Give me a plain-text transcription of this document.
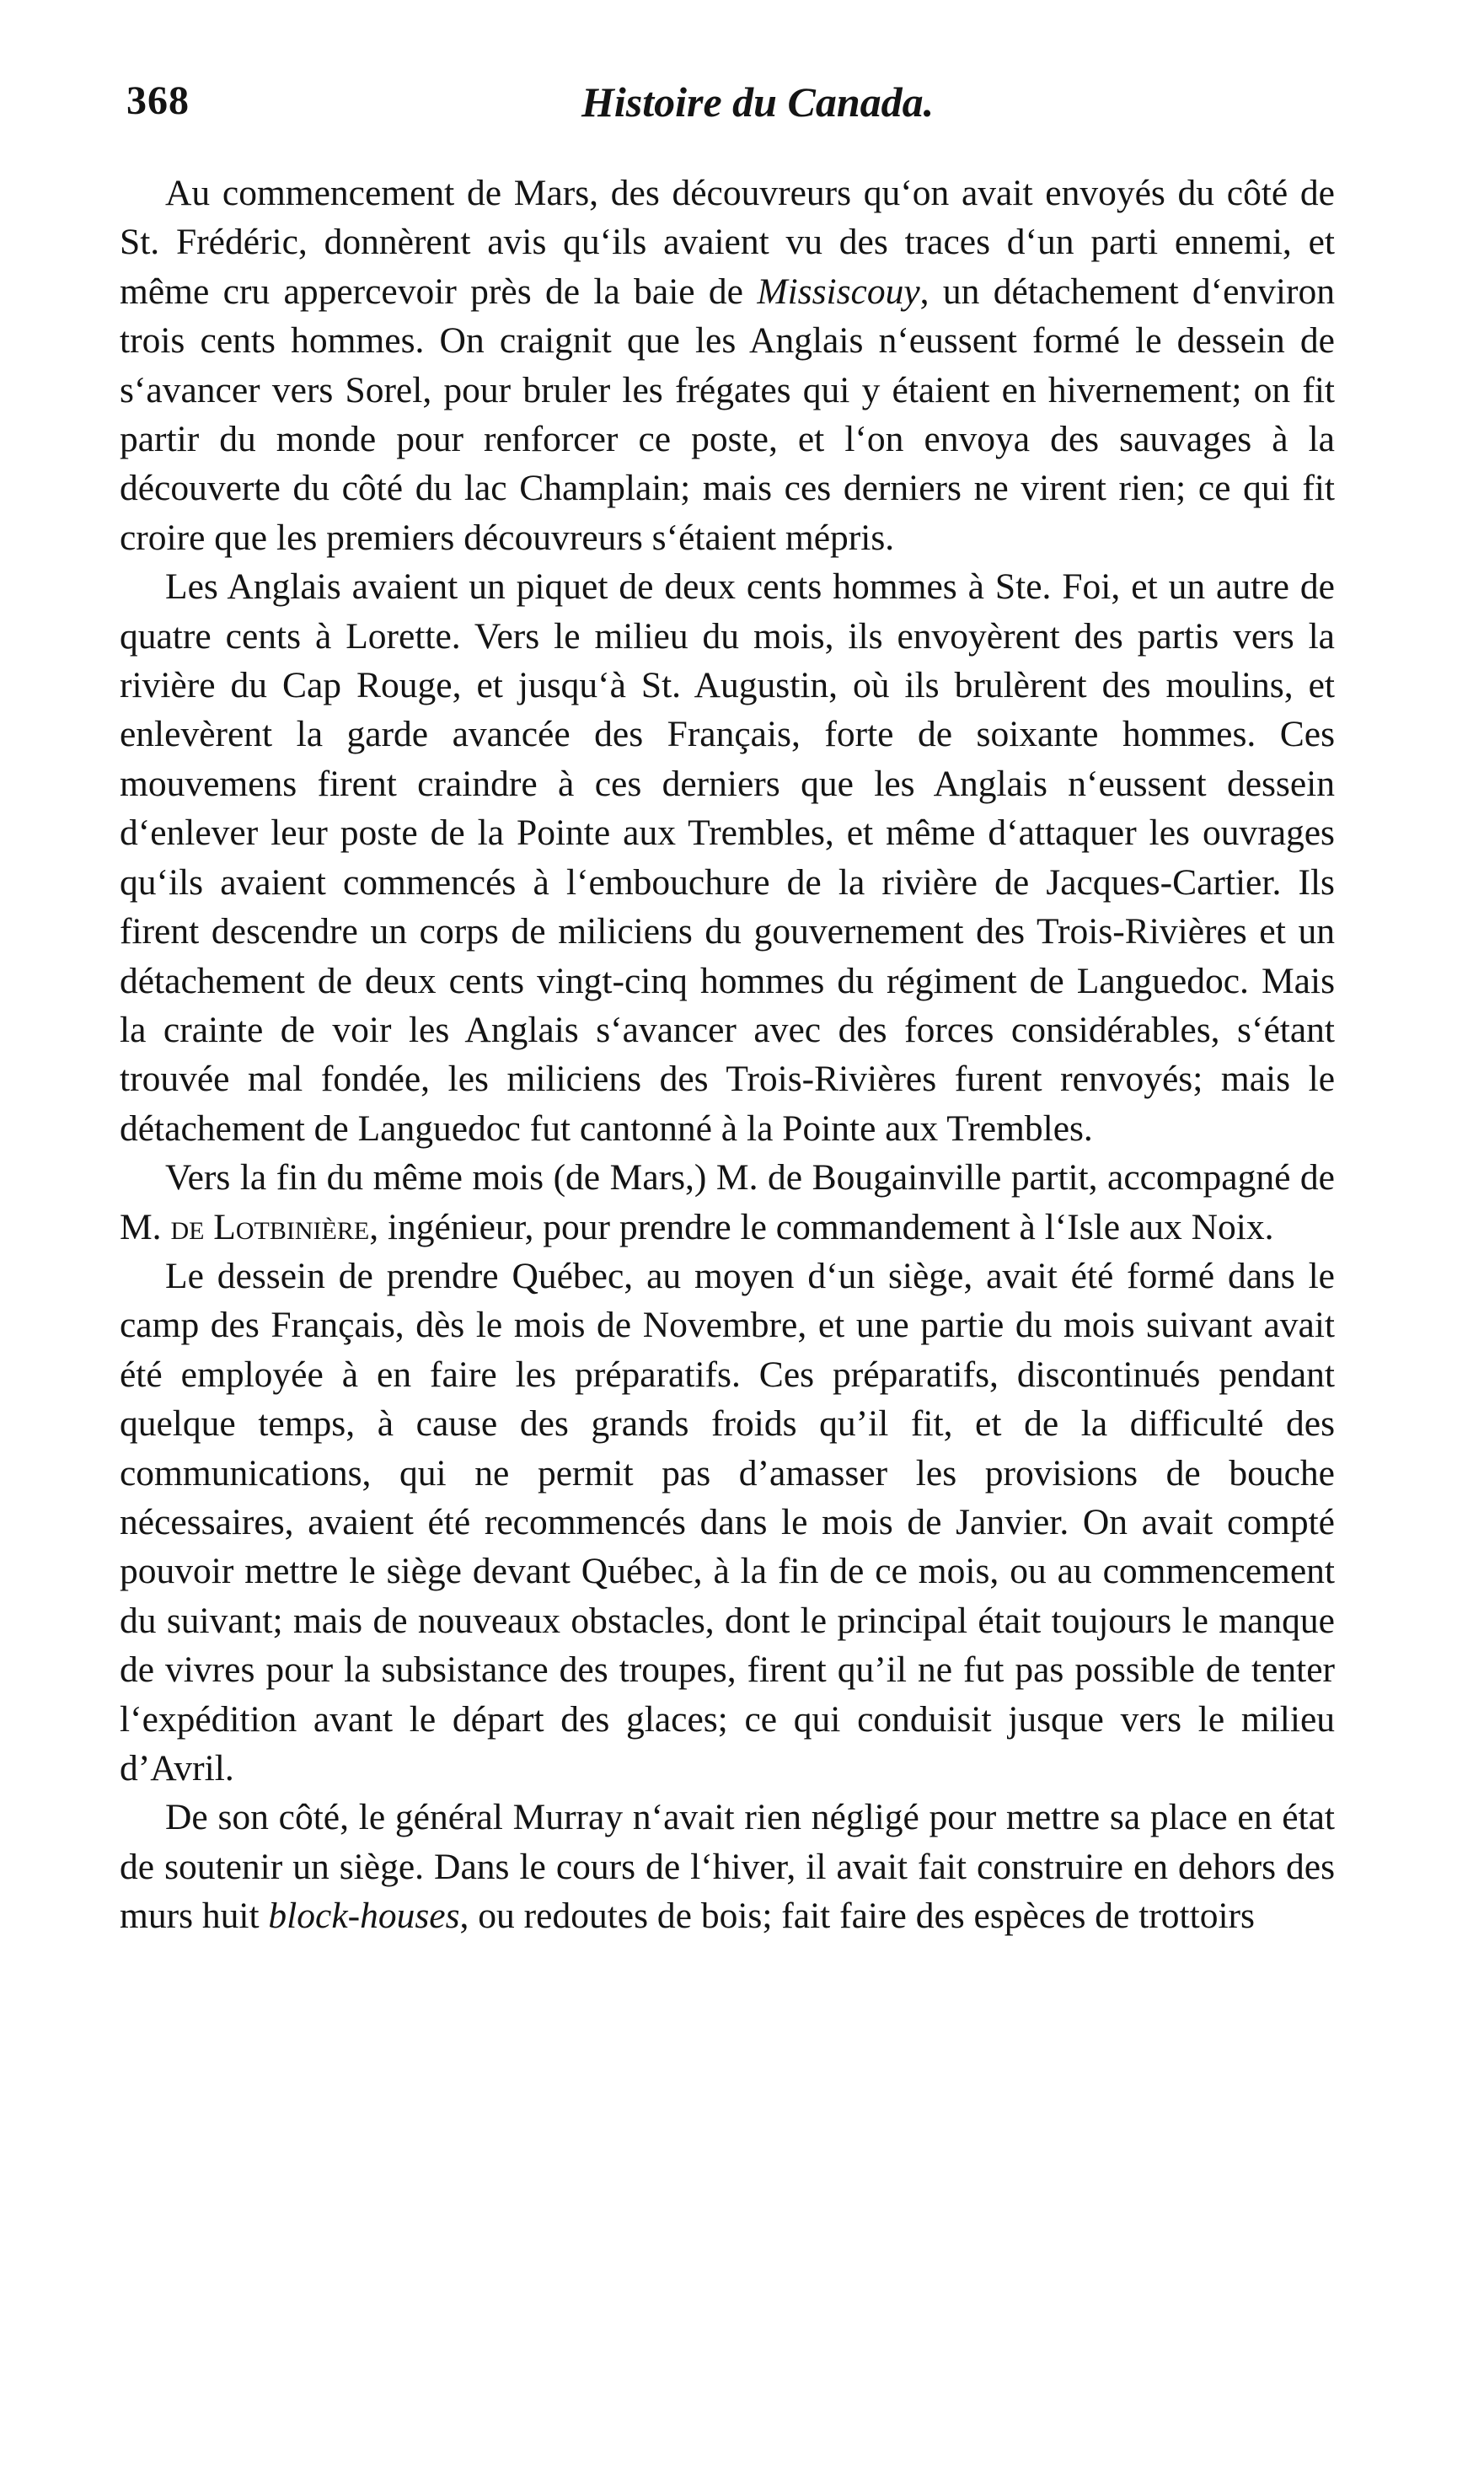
368	Histoire du Canada.

Au commencement de Mars, des découvreurs qu‘on avait envoyés du côté de St. Frédéric, donnèrent avis qu‘ils avaient vu des traces d‘un parti ennemi, et même cru appercevoir près de la baie de Missiscouy, un détachement d‘environ trois cents hommes. On craignit que les Anglais n‘eussent formé le dessein de s‘avancer vers Sorel, pour bruler les frégates qui y étaient en hivernement; on fit partir du monde pour renforcer ce poste, et l‘on envoya des sauvages à la découverte du côté du lac Champlain; mais ces derniers ne virent rien; ce qui fit croire que les premiers découvreurs s‘étaient mépris.

Les Anglais avaient un piquet de deux cents hommes à Ste. Foi, et un autre de quatre cents à Lorette. Vers le milieu du mois, ils envoyèrent des partis vers la rivière du Cap Rouge, et jusqu‘à St. Augustin, où ils brulèrent des moulins, et enlevèrent la garde avancée des Français, forte de soixante hommes. Ces mouvemens firent craindre à ces derniers que les Anglais n‘eussent dessein d‘enlever leur poste de la Pointe aux Trembles, et même d‘attaquer les ouvrages qu‘ils avaient commencés à l‘embouchure de la rivière de Jacques-Cartier. Ils firent descendre un corps de miliciens du gouvernement des Trois-Rivières et un détachement de deux cents vingt-cinq hommes du régiment de Languedoc. Mais la crainte de voir les Anglais s‘avancer avec des forces considérables, s‘étant trouvée mal fondée, les miliciens des Trois-Rivières furent renvoyés; mais le détachement de Languedoc fut cantonné à la Pointe aux Trembles.

Vers la fin du même mois (de Mars,) M. de Bougainville partit, accompagné de M. de Lotbinière, ingénieur, pour prendre le commandement à l‘Isle aux Noix.

Le dessein de prendre Québec, au moyen d‘un siège, avait été formé dans le camp des Français, dès le mois de Novembre, et une partie du mois suivant avait été employée à en faire les préparatifs. Ces préparatifs, discontinués pendant quelque temps, à cause des grands froids qu’il fit, et de la difficulté des communications, qui ne permit pas d’amasser les provisions de bouche nécessaires, avaient été recommencés dans le mois de Janvier. On avait compté pouvoir mettre le siège devant Québec, à la fin de ce mois, ou au commencement du suivant; mais de nouveaux obstacles, dont le principal était toujours le manque de vivres pour la subsistance des troupes, firent qu’il ne fut pas possible de tenter l‘expédition avant le départ des glaces; ce qui conduisit jusque vers le milieu d’Avril.

De son côté, le général Murray n‘avait rien négligé pour mettre sa place en état de soutenir un siège. Dans le cours de l‘hiver, il avait fait construire en dehors des murs huit block-houses, ou redoutes de bois; fait faire des espèces de trottoirs
